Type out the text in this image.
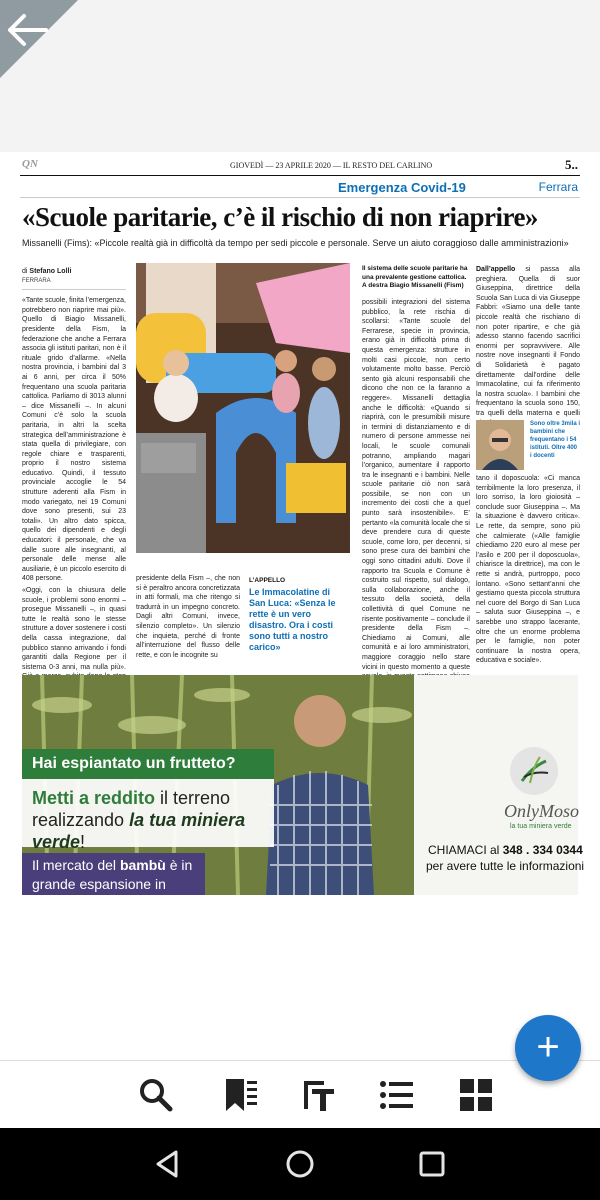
QN	GIOVEDÌ — 23 APRILE 2020 — IL RESTO DEL CARLINO	5..
Emergenza Covid-19	Ferrara
«Scuole paritarie, c’è il rischio di non riaprire»
Missanelli (Fims): «Piccole realtà già in difficoltà da tempo per sedi piccole e personale. Serve un aiuto coraggioso dalle amministrazioni»
di Stefano Lolli
FERRARA

«Tante scuole, finita l’emergenza, potrebbero non riaprire mai più». Quello di Biagio Missanelli, presidente della Fism, la federazione che anche a Ferrara associa gli istituti paritari, non è il rituale grido d’allarme. «Nella nostra provincia, i bambini dal 3 ai 6 anni, per circa il 50% frequentano una scuola paritaria cattolica. Parliamo di 3013 alunni – dice Missanelli –. In alcuni Comuni c’è solo la scuola paritaria, in altri la scelta strategica dell’amministrazione è stata quella di privilegiare, con regole chiare e trasparenti, proprio il nostro sistema educativo. Quindi, il tessuto provinciale accoglie le 54 strutture aderenti alla Fism in modo variegato, nei 19 Comuni dove sono presenti, sui 23 totali». Un altro dato spicca, quello dei dipendenti e degli educatori: il personale, che va dalle suore alle insegnanti, al personale delle mense alle ausiliarie, è un piccolo esercito di 408 persone.

«Oggi, con la chiusura delle scuole, i problemi sono enormi – prosegue Missanelli –, in quasi tutte le realtà sono le stesse strutture a dover sostenere i costi della cassa integrazione, dal pubblico stanno arrivando i fondi garantiti dalla Regione per il sistema 0-3 anni, ma nulla più».

presidente della Fism –, che non si è peraltro ancora concretizzata in atti formali, ma che ritengo si tradurrà in un impegno concreto. Dagli altri Comuni, invece, silenzio completo». Un silenzio che inquieta, perché di fronte all’interruzione del flusso delle rette, e con le incognite su

L’APPELLO
Le Immacolatine di San Luca: «Senza le rette è un vero disastro. Ora i costi sono tutti a nostro carico»
Il sistema delle scuole paritarie ha una prevalente gestione cattolica. A destra Biagio Missanelli (Fism)

possibili integrazioni del sistema pubblico, la rete rischia di scollarsi: «Tante scuole del Ferrarese, specie in provincia, erano già in difficoltà prima di questa emergenza: strutture in molti casi piccole, non certo volutamente molto basse. Perciò sento già alcuni responsabili che dicono che non ce la faranno a reggere». Missanelli dettaglia anche le difficoltà: «Quando si riaprirà, con le presumibili misure in termini di distanziamento e di numero di persone ammesse nei locali, le scuole comunali potranno, ampliando magari l’organico, aumentare il rapporto tra le insegnanti e i bambini. Nelle scuole paritarie ciò non sarà possibile, se non con un incremento dei costi che a quel punto sarà insostenibile». E’ pertanto «la comunità locale che si deve prendere cura di queste scuole, come loro, per decenni, si sono prese cura dei bambini che oggi sono cittadini adulti. Dove il rapporto tra Scuola e Comune è costruito sul rispetto, sul dialogo, sulla collaborazione, anche il tessuto della società, della collettività di quel Comune ne risente positivamente – conclude il presidente della Fism –. Chiediamo ai Comuni, alle comunità e ai loro amministratori, maggiore coraggio nello stare vicini in questo momento a queste

Dall’appello si passa alla preghiera. Quella di suor Giuseppina, direttrice della Scuola San Luca di via Giuseppe Fabbri: «Siamo una delle tante piccole realtà che rischiano di non poter ripartire, e che già adesso stanno facendo sacrifici enormi per sopravvivere. Alle nostre nove insegnanti il Fondo di Solidarietà è pagato direttamente dall’ordine delle Immacolatine, cui fa riferimento la nostra scuola». I bambini che frequentano la scuola sono 150, tra quelli della materna e quelli

Sono oltre 3mila i bambini che frequentano i 54 istituti. Oltre 400 i docenti

tano il doposcuola: «Ci manca terribilmente la loro presenza, il loro sorriso, la loro gioiosità – conclude suor Giuseppina –. Ma la situazione è davvero critica». Le rette, da sempre, sono più che calmierate («Alle famiglie chiediamo 220 euro al mese per l’asilo e 200 per il doposcuola», chiarisce la direttrice), ma con le rette si andrà, purtroppo, poco lontano. «Sono settant’anni che gestiamo questa piccola struttura nel cuore del Borgo di San Luca – saluta suor Giuseppina –, e sarebbe uno strappo lacerante, oltre che un enorme problema per le famiglie, non poter continuare la nostra opera, educativa e sociale».

Hai espiantato un frutteto?
Metti a reddito il terreno realizzando la tua miniera verde!
Il mercato del bambù è in grande espansione in Italia!
OnlyMoso
la tua miniera verde
CHIAMACI al 348 . 334 0344
per avere tutte le informazioni
+
